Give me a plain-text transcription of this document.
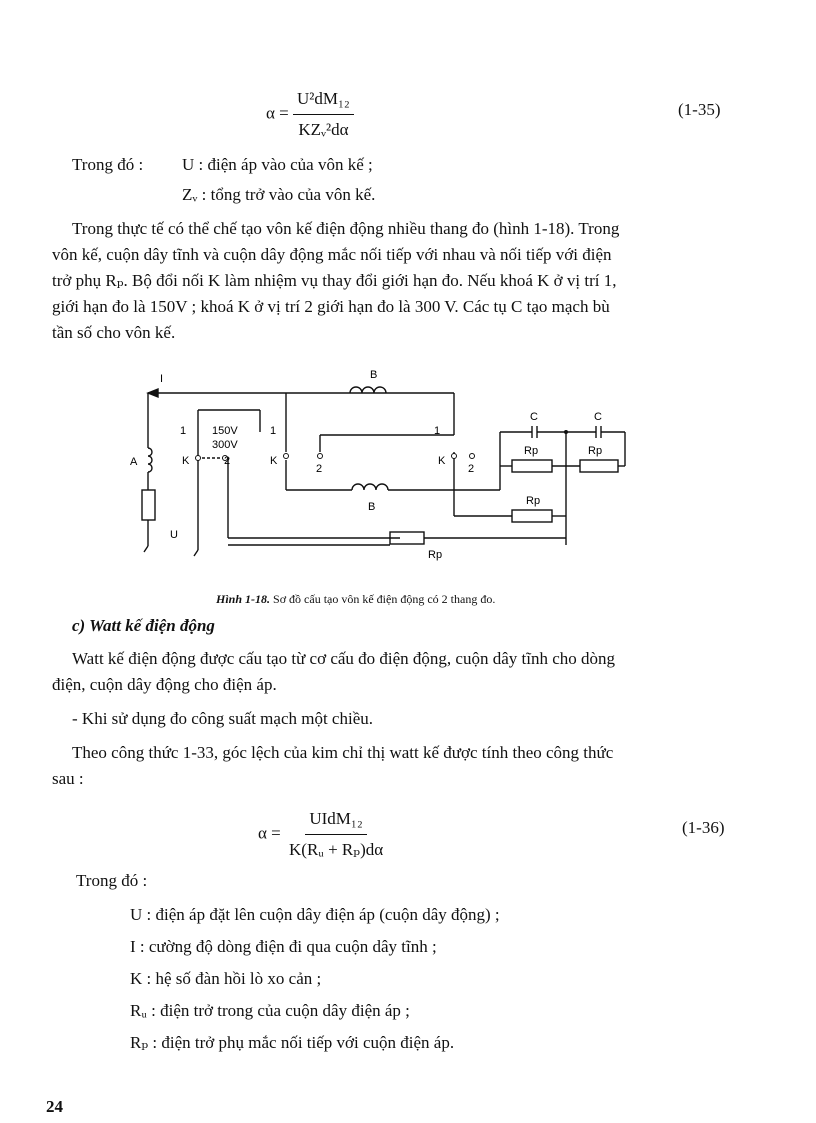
$\alpha = \frac{\text{U²dM₁₂}}{\text{KZᵥ²dα}}$	(1-35)
Trong đó : U : điện áp vào của vôn kế ;
Zᵥ : tổng trở vào của vôn kế.
Trong thực tế có thể chế tạo vôn kế điện động nhiều thang đo (hình 1-18). Trong
vôn kế, cuộn dây tĩnh và cuộn dây động mắc nối tiếp với nhau và nối tiếp với điện
trở phụ Rₚ. Bộ đổi nối K làm nhiệm vụ thay đổi giới hạn đo. Nếu khoá K ở vị trí 1,
giới hạn đo là 150V ; khoá K ở vị trí 2 giới hạn đo là 300 V. Các tụ C tạo mạch bù
tần số cho vôn kế.
I	B
B
A
U
1	1	1
150V
300V
K	2	K
2
K
2
C	C
Rp	Rp
Rp
Rp
Hình 1-18. Sơ đồ cấu tạo vôn kế điện động có 2 thang đo.
c) Watt kế điện động
Watt kế điện động được cấu tạo từ cơ cấu đo điện động, cuộn dây tĩnh cho dòng
điện, cuộn dây động cho điện áp.
- Khi sử dụng đo công suất mạch một chiều.
Theo công thức 1-33, góc lệch của kim chỉ thị watt kế được tính theo công thức
sau :
$\alpha = \frac{\text{UIdM₁₂}}{\text{K(Rᵤ + Rₚ)dα}}$	(1-36)
Trong đó :
U : điện áp đặt lên cuộn dây điện áp (cuộn dây động) ;
I : cường độ dòng điện đi qua cuộn dây tĩnh ;
K : hệ số đàn hồi lò xo cản ;
Rᵤ : điện trở trong của cuộn dây điện áp ;
Rₚ : điện trở phụ mắc nối tiếp với cuộn điện áp.
24
